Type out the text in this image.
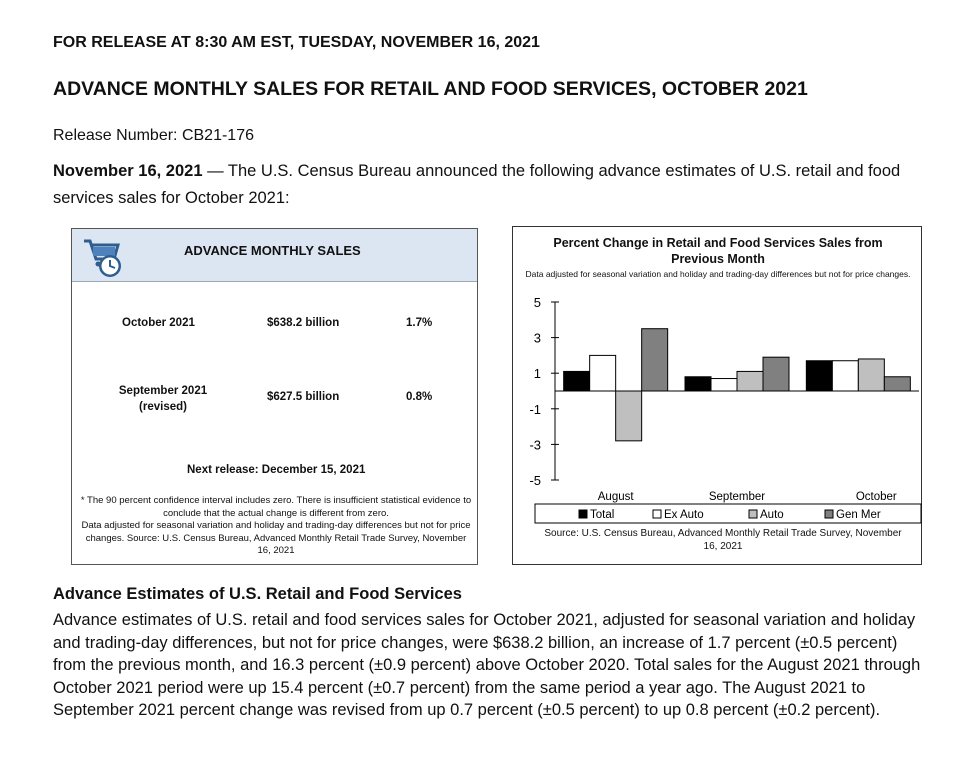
FOR RELEASE AT 8:30 AM EST, TUESDAY, NOVEMBER 16, 2021
ADVANCE MONTHLY SALES FOR RETAIL AND FOOD SERVICES, OCTOBER 2021
Release Number: CB21-176
November 16, 2021 — The U.S. Census Bureau announced the following advance estimates of U.S. retail and food services sales for October 2021:
ADVANCE MONTHLY SALES
October 2021	$638.2 billion	1.7%
September 2021
(revised)
$627.5 billion	0.8%
Next release: December 15, 2021
* The 90 percent confidence interval includes zero. There is insufficient statistical evidence to conclude that the actual change is different from zero.
Data adjusted for seasonal variation and holiday and trading-day differences but not for price changes. Source: U.S. Census Bureau, Advanced Monthly Retail Trade Survey, November 16, 2021
Percent Change in Retail and Food Services Sales from Previous Month
Data adjusted for seasonal variation and holiday and trading-day differences but not for price changes.
5
3
1
-1
-3
-5
August	September	October
Total	Ex Auto	Auto	Gen Mer
Source: U.S. Census Bureau, Advanced Monthly Retail Trade Survey, November 16, 2021
Advance Estimates of U.S. Retail and Food Services
Advance estimates of U.S. retail and food services sales for October 2021, adjusted for seasonal variation and holiday and trading-day differences, but not for price changes, were $638.2 billion, an increase of 1.7 percent (±0.5 percent) from the previous month, and 16.3 percent (±0.9 percent) above October 2020. Total sales for the August 2021 through October 2021 period were up 15.4 percent (±0.7 percent) from the same period a year ago. The August 2021 to September 2021 percent change was revised from up 0.7 percent (±0.5 percent) to up 0.8 percent (±0.2 percent).
